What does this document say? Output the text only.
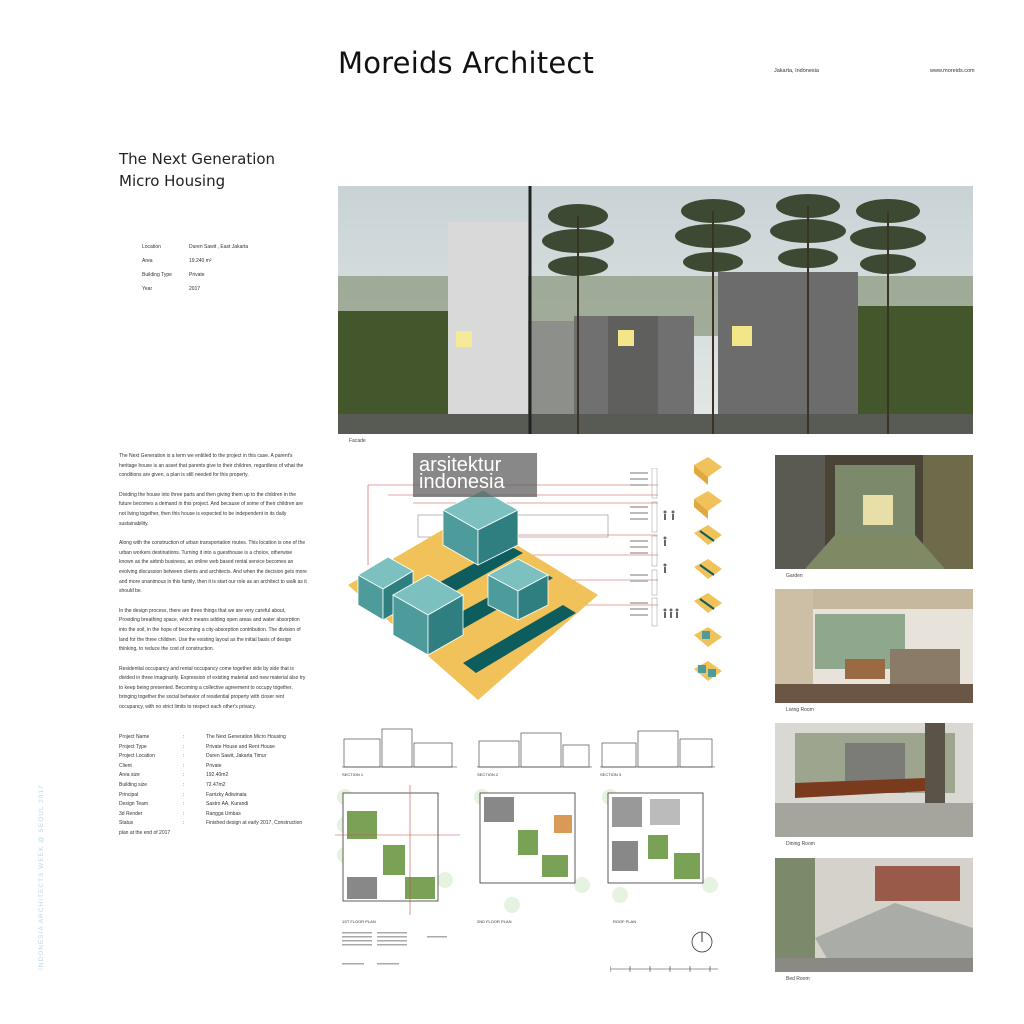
Moreids Architect	Jakarta, Indonesia	www.moreids.com
The Next Generation
Micro Housing
Location	Duren Sawit , East Jakarta
Area	19.240 m²
Building Type	Private
Year	2017
Facade

The Next Generation is a term we entitled to the project in this case. A parent's heritage house is an asset that parents give to their children, regardless of what the conditions are given, a plan is still needed for this property.

Dividing the house into three parts and then giving them up to the children in the future becomes a demand in this project. And because of some of their children are not living together, then this house is expected to be independent in its daily sustainability.

Along with the construction of urban transportation routes. This location is one of the urban workers destinations. Turning it into a guesthouse is a choice, otherwise known as the airbnb business, an online web based rental service becomes an evolving discussion between clients and architects. And when the decision gets more and more unanimous in this family, then it is start our role as an architect to walk as it should be.

In the design process, there are three things that we are very careful about, Providing breathing space, which means adding open areas and water absorption into the soil, in the hope of becoming a city-absorption contribution. The division of land for the three children. Use the existing layout as the initial basis of design thinking, to reduce the cost of construction.

Residential occupancy and rental occupancy come together side by side that is divided in three imaginarily. Expression of existing material and new material also try to keep being presented. Becoming a collective agreement to occupy together, bringing together the social behavior of residential property with closer rent occupancy, with no strict limits to respect each other's privacy.

Project Name	:	The Next Generation Micro Housing
Project Type	:	Private House and Rent House
Project Location	:	Duren Sawit, Jakarta Timur
Client	:	Private
Area size	:	192.40m2
Building size	:	72.47m2
Principal	:	Farrizky Adiwinata
Design Team	:	Sastro AA, Kurandi
3d Render	:	Rangga Umbas
Status	:	Finished design at early 2017, Construction
plan at the end of 2017
INDONESIA ARCHITECTS WEEK @ SEOUL 2017
arsitektur
indonesia
Garden
Living Room
Dining Room
Bed Room
SECTION 1	SECTION 2	SECTION 3
1ST FLOOR PLAN	2ND FLOOR PLAN	ROOF PLAN
